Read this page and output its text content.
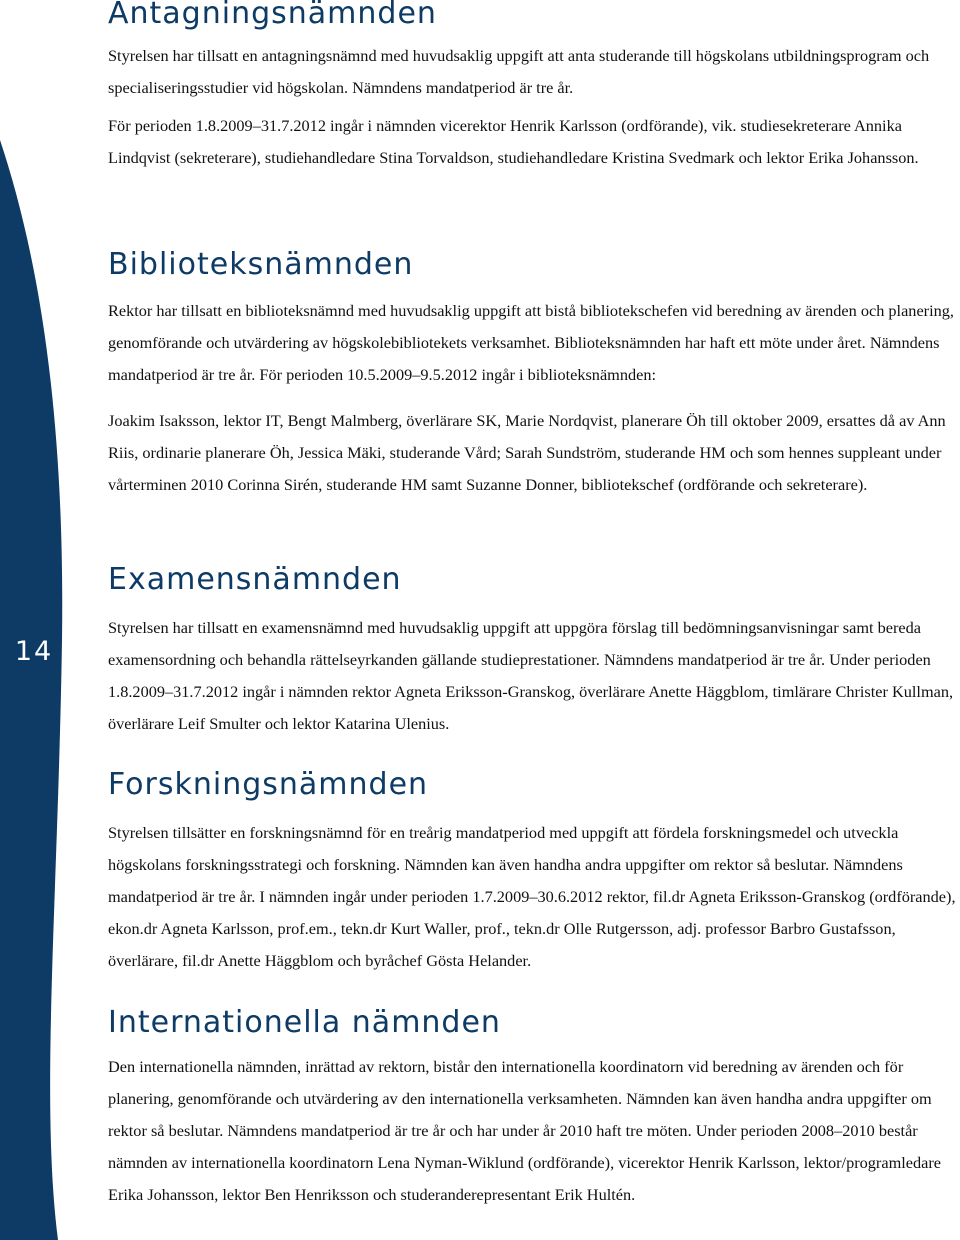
14
Antagningsnämnden

Styrelsen har tillsatt en antagningsnämnd med huvudsaklig uppgift att anta studerande till högskolans utbildningsprogram och specialiseringsstudier vid högskolan. Nämndens mandatperiod är tre år.

För perioden 1.8.2009–31.7.2012 ingår i nämnden vicerektor Henrik Karlsson (ordförande), vik. studiesekreterare Annika Lindqvist (sekreterare), studiehandledare Stina Torvaldson, studiehandledare Kristina Svedmark och lektor Erika Johansson.

Biblioteksnämnden

Rektor har tillsatt en biblioteksnämnd med huvudsaklig uppgift att bistå bibliotekschefen vid beredning av ärenden och planering, genomförande och utvärdering av högskolebibliotekets verksamhet. Biblioteksnämnden har haft ett möte under året. Nämndens mandatperiod är tre år. För perioden 10.5.2009–9.5.2012 ingår i biblioteksnämnden:

Joakim Isaksson, lektor IT, Bengt Malmberg, överlärare SK, Marie Nordqvist, planerare Öh till oktober 2009, ersattes då av Ann Riis, ordinarie planerare Öh, Jessica Mäki, studerande Vård; Sarah Sundström, studerande HM och som hennes suppleant under vårterminen 2010 Corinna Sirén, studerande HM samt Suzanne Donner, bibliotekschef (ordförande och sekreterare).

Examensnämnden

Styrelsen har tillsatt en examensnämnd med huvudsaklig uppgift att uppgöra förslag till bedömningsanvisningar samt bereda examensordning och behandla rättelseyrkanden gällande studieprestationer. Nämndens mandatperiod är tre år. Under perioden 1.8.2009–31.7.2012 ingår i nämnden rektor Agneta Eriksson-Granskog, överlärare Anette Häggblom, timlärare Christer Kullman, överlärare Leif Smulter och lektor Katarina Ulenius.

Forskningsnämnden

Styrelsen tillsätter en forskningsnämnd för en treårig mandatperiod med uppgift att fördela forskningsmedel och utveckla högskolans forskningsstrategi och forskning. Nämnden kan även handha andra uppgifter om rektor så beslutar. Nämndens mandatperiod är tre år. I nämnden ingår under perioden 1.7.2009–30.6.2012 rektor, fil.dr Agneta Eriksson-Granskog (ordförande), ekon.dr Agneta Karlsson, prof.em., tekn.dr Kurt Waller, prof., tekn.dr Olle Rutgersson, adj. professor Barbro Gustafsson, överlärare, fil.dr Anette Häggblom och byråchef Gösta Helander.

Internationella nämnden

Den internationella nämnden, inrättad av rektorn, bistår den internationella koordinatorn vid beredning av ärenden och för planering, genomförande och utvärdering av den internationella verksamheten. Nämnden kan även handha andra uppgifter om rektor så beslutar. Nämndens mandatperiod är tre år och har under år 2010 haft tre möten. Under perioden 2008–2010 består nämnden av internationella koordinatorn Lena Nyman-Wiklund (ordförande), vicerektor Henrik Karlsson, lektor/programledare Erika Johansson, lektor Ben Henriksson och studeranderepresentant Erik Hultén.
